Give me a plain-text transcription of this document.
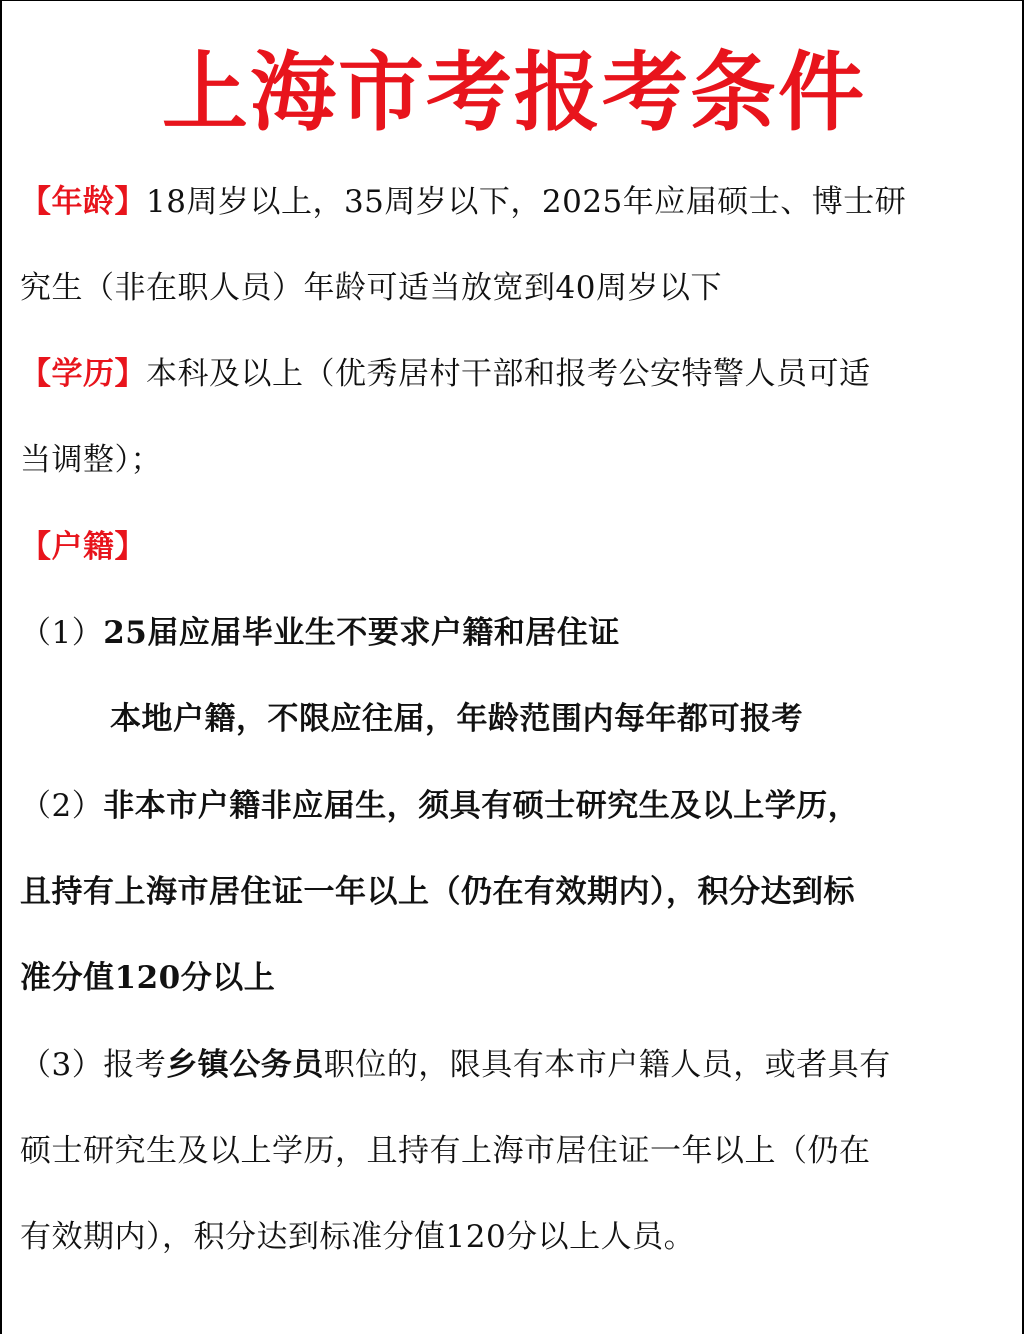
上海市考报考条件
【年龄】18周岁以上，35周岁以下，2025年应届硕士、博士研
究生（非在职人员）年龄可适当放宽到40周岁以下
【学历】本科及以上（优秀居村干部和报考公安特警人员可适
当调整）；
【户籍】
（1）25届应届毕业生不要求户籍和居住证
本地户籍，不限应往届，年龄范围内每年都可报考
（2）非本市户籍非应届生，须具有硕士研究生及以上学历，
且持有上海市居住证一年以上（仍在有效期内），积分达到标
准分值120分以上
（3）报考乡镇公务员职位的，限具有本市户籍人员，或者具有
硕士研究生及以上学历，且持有上海市居住证一年以上（仍在
有效期内），积分达到标准分值120分以上人员。
